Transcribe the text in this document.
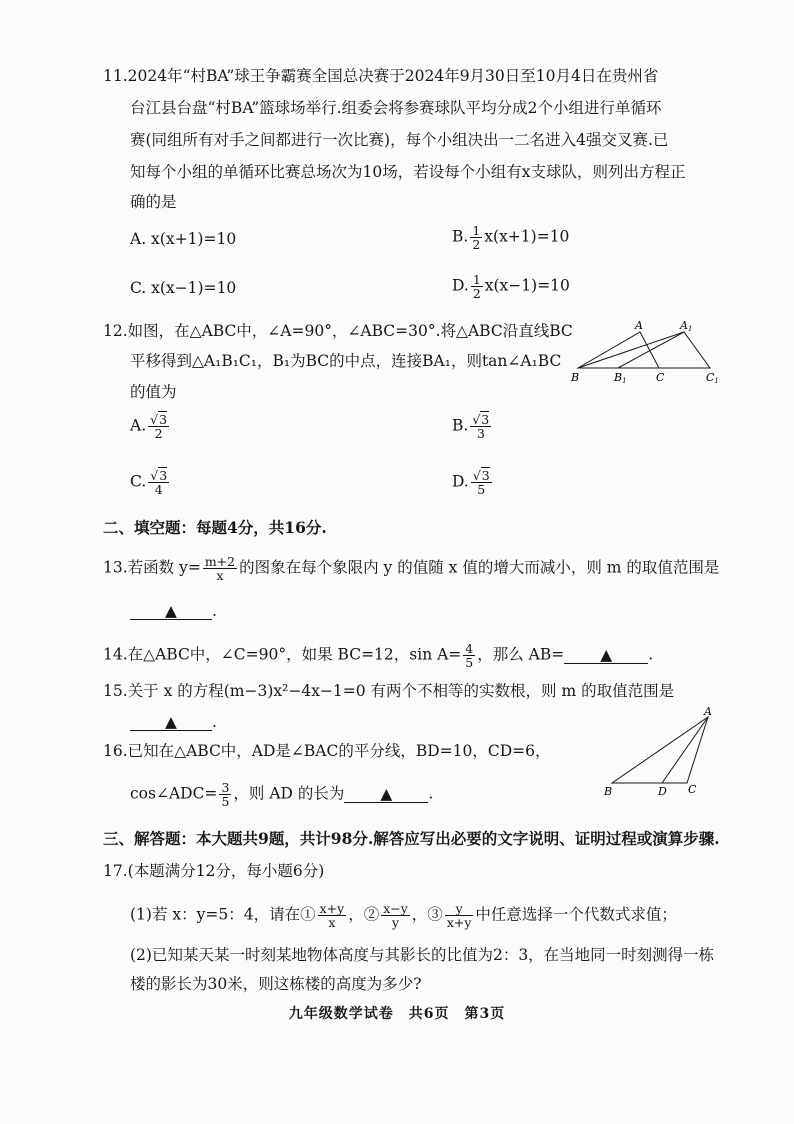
11.2024年“村BA”球王争霸赛全国总决赛于2024年9月30日至10月4日在贵州省
台江县台盘“村BA”篮球场举行.组委会将参赛球队平均分成2个小组进行单循环
赛(同组所有对手之间都进行一次比赛)，每个小组决出一二名进入4强交叉赛.已
知每个小组的单循环比赛总场次为10场，若设每个小组有x支球队，则列出方程正
确的是
A. x(x+1)=10	B. $\frac{1}{2} x(x+1)=10$
C. x(x−1)=10	D. $\frac{1}{2} x(x-1)=10$
12.如图，在△ABC中，∠A=90°，∠ABC=30°.将△ABC沿直线BC
平移得到△A₁B₁C₁，B₁为BC的中点，连接BA₁，则tan∠A₁BC
的值为
A	A1
B	B1	C	C1
A. $\frac{√3}{2}$	B. $\frac{√3}{3}$
C. $\frac{√3}{4}$	D. $\frac{√3}{5}$
二、填空题：每题4分，共16分.
13.若函数 $y= \frac{m+2}{x}$ 的图象在每个象限内 y 的值随 x 值的增大而减小，则 m 的取值范围是
▲ .
14.在△ABC中，∠C=90°，如果 BC=12，$\sin A= \frac{4}{5}$ ，那么 AB= ▲ .
15.关于 x 的方程(m−3)x²−4x−1=0 有两个不相等的实数根，则 m 的取值范围是
▲ .
16.已知在△ABC中，AD是∠BAC的平分线，BD=10，CD=6，
cos∠ADC= $\frac{3}{5}$ ，则 AD 的长为 ▲ .
A
B	D C
三、解答题：本大题共9题，共计98分.解答应写出必要的文字说明、证明过程或演算步骤.
17.(本题满分12分，每小题6分)
(1)若 x：y=5：4，请在① $\frac{x+y}{x}$ ，② $\frac{x-y}{y}$ ，③ $\frac{y}{x+y}$ 中任意选择一个代数式求值；
(2)已知某天某一时刻某地物体高度与其影长的比值为2：3，在当地同一时刻测得一栋
楼的影长为30米，则这栋楼的高度为多少?
九年级数学试卷　共6页　第3页
